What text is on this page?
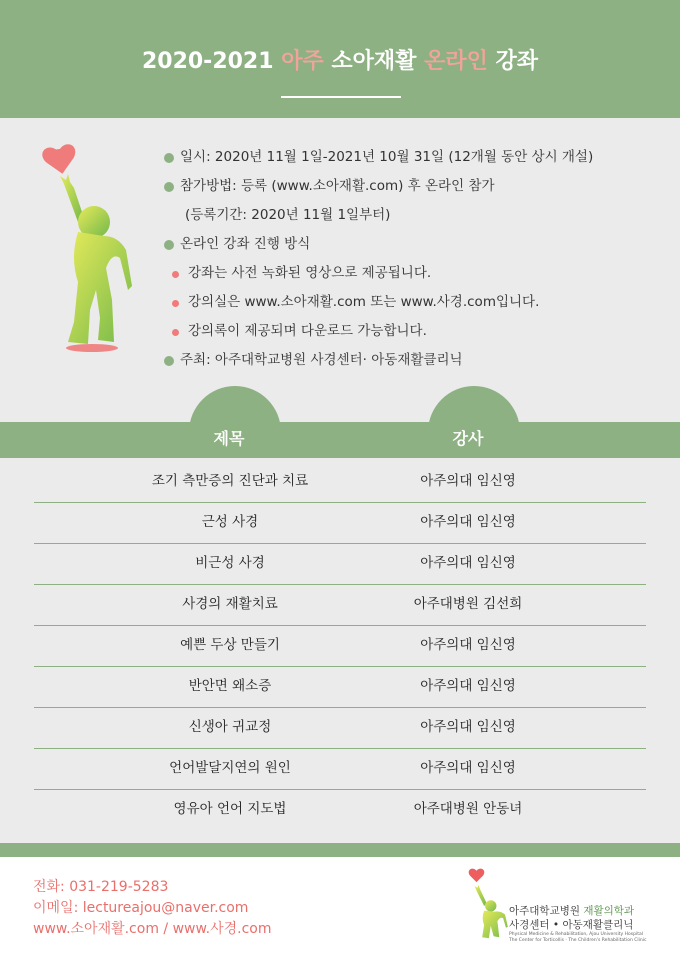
2020-2021 아주 소아재활 온라인 강좌
일시: 2020년 11월 1일-2021년 10월 31일 (12개월 동안 상시 개설)
참가방법: 등록 (www.소아재활.com) 후 온라인 참가
(등록기간: 2020년 11월 1일부터)
온라인 강좌 진행 방식
강좌는 사전 녹화된 영상으로 제공됩니다.
강의실은 www.소아재활.com 또는 www.사경.com입니다.
강의록이 제공되며 다운로드 가능합니다.
주최: 아주대학교병원 사경센터· 아동재활클리닉
제목	강사
조기 측만증의 진단과 치료	아주의대 임신영
근성 사경	아주의대 임신영
비근성 사경	아주의대 임신영
사경의 재활치료	아주대병원 김선희
예쁜 두상 만들기	아주의대 임신영
반안면 왜소증	아주의대 임신영
신생아 귀교정	아주의대 임신영
언어발달지연의 원인	아주의대 임신영
영유아 언어 지도법	아주대병원 안동녀
전화: 031-219-5283
이메일: lectureajou@naver.com
www.소아재활.com / www.사경.com
아주대학교병원 재활의학과
사경센터 • 아동재활클리닉
Physical Medicine & Rehabilitation, Ajou University Hospital
The Center for Torticollis · The Children's Rehabilitation Clinic
